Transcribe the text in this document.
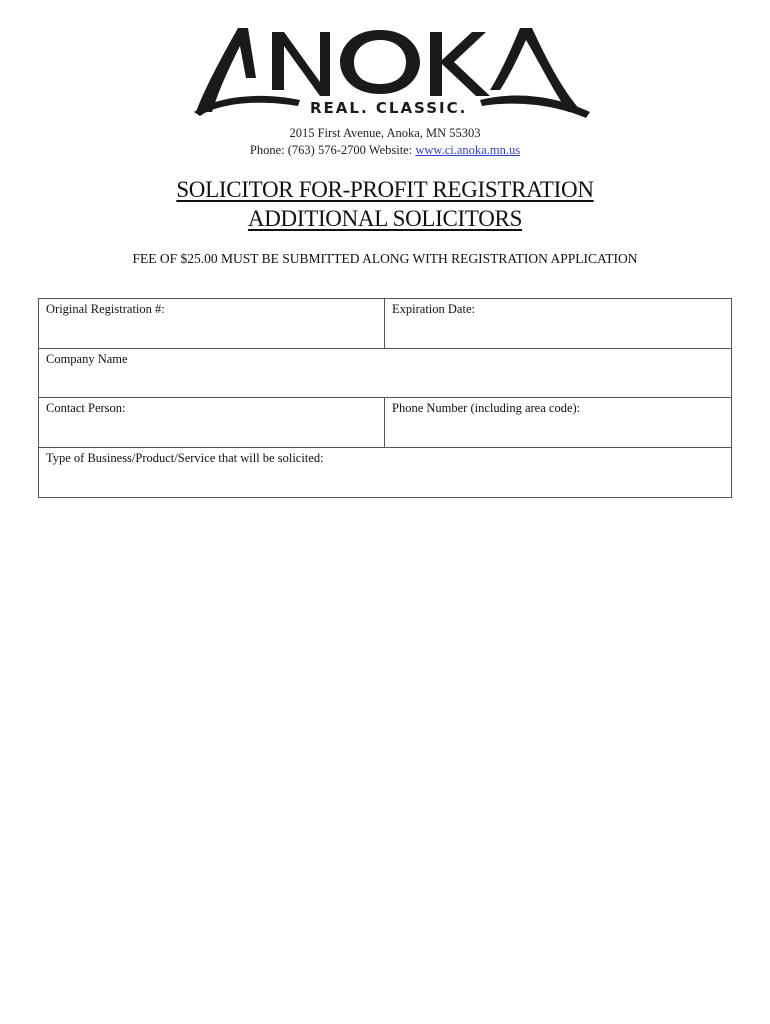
REAL. CLASSIC.
2015 First Avenue, Anoka, MN 55303
Phone: (763) 576-2700 Website: www.ci.anoka.mn.us
SOLICITOR FOR-PROFIT REGISTRATION
ADDITIONAL SOLICITORS
FEE OF $25.00 MUST BE SUBMITTED ALONG WITH REGISTRATION APPLICATION
Original Registration #:	Expiration Date:
Company Name
Contact Person:	Phone Number (including area code):
Type of Business/Product/Service that will be solicited:
